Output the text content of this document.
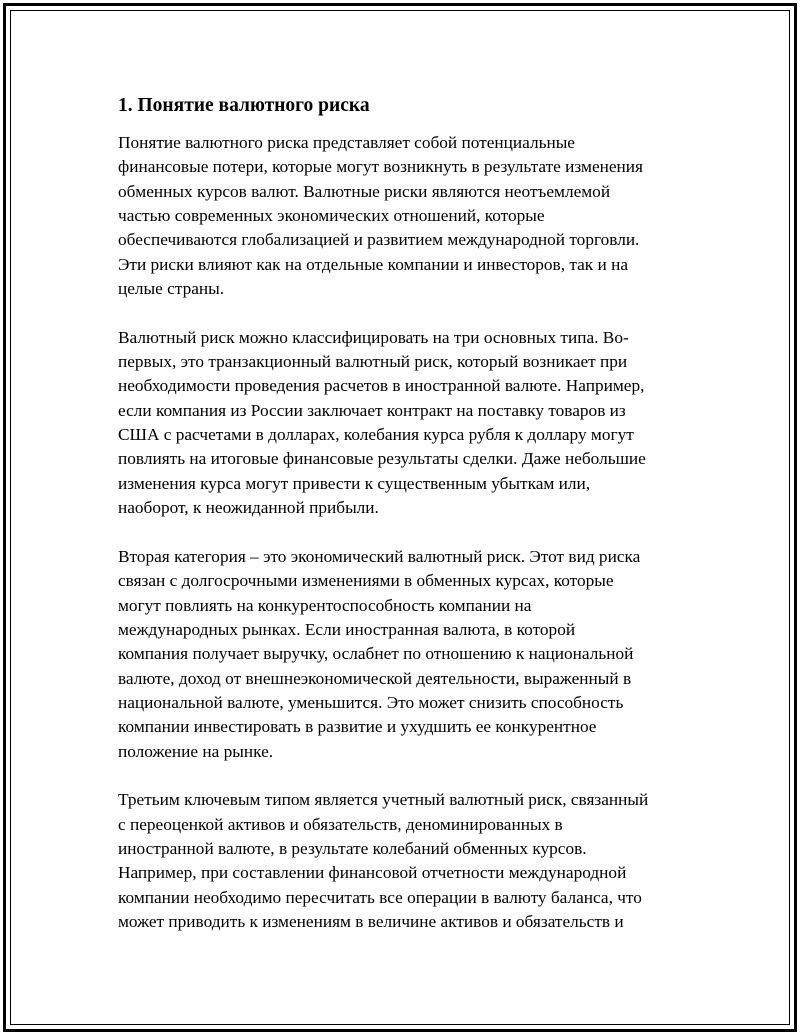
1. Понятие валютного риска
Понятие валютного риска представляет собой потенциальные
финансовые потери, которые могут возникнуть в результате изменения
обменных курсов валют. Валютные риски являются неотъемлемой
частью современных экономических отношений, которые
обеспечиваются глобализацией и развитием международной торговли.
Эти риски влияют как на отдельные компании и инвесторов, так и на
целые страны.
Валютный риск можно классифицировать на три основных типа. Во-
первых, это транзакционный валютный риск, который возникает при
необходимости проведения расчетов в иностранной валюте. Например,
если компания из России заключает контракт на поставку товаров из
США с расчетами в долларах, колебания курса рубля к доллару могут
повлиять на итоговые финансовые результаты сделки. Даже небольшие
изменения курса могут привести к существенным убыткам или,
наоборот, к неожиданной прибыли.
Вторая категория – это экономический валютный риск. Этот вид риска
связан с долгосрочными изменениями в обменных курсах, которые
могут повлиять на конкурентоспособность компании на
международных рынках. Если иностранная валюта, в которой
компания получает выручку, ослабнет по отношению к национальной
валюте, доход от внешнеэкономической деятельности, выраженный в
национальной валюте, уменьшится. Это может снизить способность
компании инвестировать в развитие и ухудшить ее конкурентное
положение на рынке.
Третьим ключевым типом является учетный валютный риск, связанный
с переоценкой активов и обязательств, деноминированных в
иностранной валюте, в результате колебаний обменных курсов.
Например, при составлении финансовой отчетности международной
компании необходимо пересчитать все операции в валюту баланса, что
может приводить к изменениям в величине активов и обязательств и
